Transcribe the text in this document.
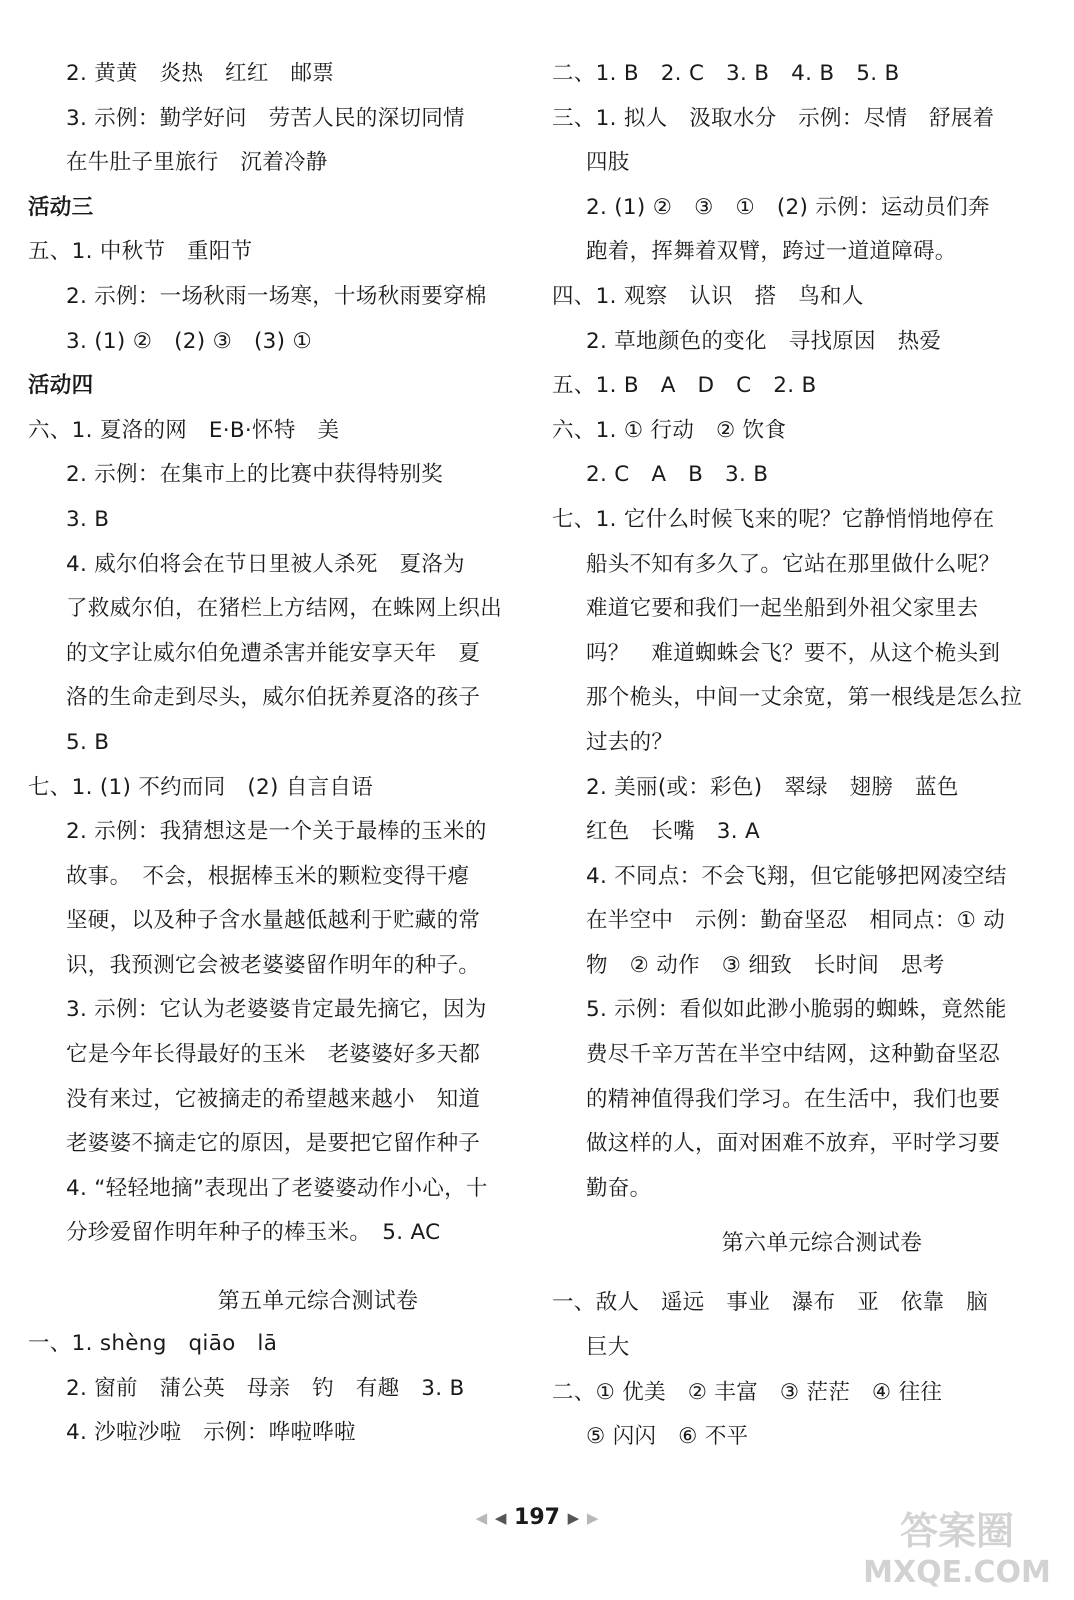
2. 黄黄　炎热　红红　邮票
3. 示例：勤学好问　劳苦人民的深切同情
在牛肚子里旅行　沉着冷静
活动三
五、1. 中秋节　重阳节
2. 示例：一场秋雨一场寒，十场秋雨要穿棉
3. (1) ②　(2) ③　(3) ①
活动四
六、1. 夏洛的网　E·B·怀特　美
2. 示例：在集市上的比赛中获得特别奖
3. B
4. 威尔伯将会在节日里被人杀死　夏洛为
了救威尔伯，在猪栏上方结网，在蛛网上织出
的文字让威尔伯免遭杀害并能安享天年　夏
洛的生命走到尽头，威尔伯抚养夏洛的孩子
5. B
七、1. (1) 不约而同　(2) 自言自语
2. 示例：我猜想这是一个关于最棒的玉米的
故事。　不会，根据棒玉米的颗粒变得干瘪
坚硬，以及种子含水量越低越利于贮藏的常
识，我预测它会被老婆婆留作明年的种子。
3. 示例：它认为老婆婆肯定最先摘它，因为
它是今年长得最好的玉米　老婆婆好多天都
没有来过，它被摘走的希望越来越小　知道
老婆婆不摘走它的原因，是要把它留作种子
4. “轻轻地摘”表现出了老婆婆动作小心，十
分珍爱留作明年种子的棒玉米。　5. AC
第五单元综合测试卷
一、1. shèng　qiāo　lā
2. 窗前　蒲公英　母亲　钓　有趣　3. B
4. 沙啦沙啦　示例：哗啦哗啦
二、1. B　2. C　3. B　4. B　5. B
三、1. 拟人　汲取水分　示例：尽情　舒展着
四肢
2. (1) ②　③　①　(2) 示例：运动员们奔
跑着，挥舞着双臂，跨过一道道障碍。
四、1. 观察　认识　搭　鸟和人
2. 草地颜色的变化　寻找原因　热爱
五、1. B　A　D　C　2. B
六、1. ① 行动　② 饮食
2. C　A　B　3. B
七、1. 它什么时候飞来的呢？它静悄悄地停在
船头不知有多久了。它站在那里做什么呢？
难道它要和我们一起坐船到外祖父家里去
吗？　难道蜘蛛会飞？要不，从这个桅头到
那个桅头，中间一丈余宽，第一根线是怎么拉
过去的？
2. 美丽(或：彩色)　翠绿　翅膀　蓝色
红色　长嘴　3. A
4. 不同点：不会飞翔，但它能够把网凌空结
在半空中　示例：勤奋坚忍　相同点：① 动
物　② 动作　③ 细致　长时间　思考
5. 示例：看似如此渺小脆弱的蜘蛛，竟然能
费尽千辛万苦在半空中结网，这种勤奋坚忍
的精神值得我们学习。在生活中，我们也要
做这样的人，面对困难不放弃，平时学习要
勤奋。
第六单元综合测试卷
一、敌人　遥远　事业　瀑布　亚　依靠　脑
巨大
二、① 优美　② 丰富　③ 茫茫　④ 往往
⑤ 闪闪　⑥ 不平
◀ ◀ 197 ▶ ▶	答案圈
MXQE.COM
